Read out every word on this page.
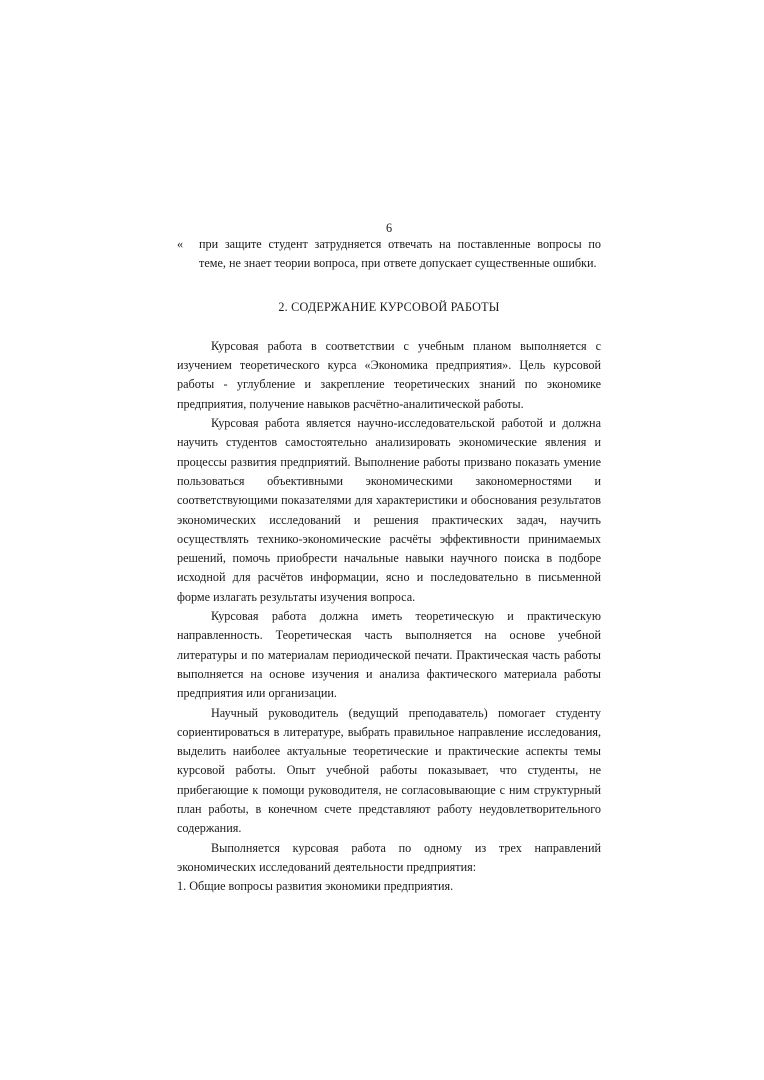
6
« при защите студент затрудняется отвечать на поставленные вопросы по теме, не знает теории вопроса, при ответе допускает существенные ошибки.
2. СОДЕРЖАНИЕ КУРСОВОЙ РАБОТЫ

Курсовая работа в соответствии с учебным планом выполняется с изучением теоретического курса «Экономика предприятия». Цель курсовой работы - углубление и закрепление теоретических знаний по экономике предприятия, получение навыков расчётно-аналитической работы.

Курсовая работа является научно-исследовательской работой и должна научить студентов самостоятельно анализировать экономические явления и процессы развития предприятий. Выполнение работы призвано показать умение пользоваться объективными экономическими закономерностями и соответствующими показателями для характеристики и обоснования результатов экономических исследований и решения практических задач, научить осуществлять технико-экономические расчёты эффективности принимаемых решений, помочь приобрести начальные навыки научного поиска в подборе исходной для расчётов информации, ясно и последовательно в письменной форме излагать результаты изучения вопроса.

Курсовая работа должна иметь теоретическую и практическую направленность. Теоретическая часть выполняется на основе учебной литературы и по материалам периодической печати. Практическая часть работы выполняется на основе изучения и анализа фактического материала работы предприятия или организации.

Научный руководитель (ведущий преподаватель) помогает студенту сориентироваться в литературе, выбрать правильное направление исследования, выделить наиболее актуальные теоретические и практические аспекты темы курсовой работы. Опыт учебной работы показывает, что студенты, не прибегающие к помощи руководителя, не согласовывающие с ним структурный план работы, в конечном счете представляют работу неудовлетворительного содержания.

Выполняется курсовая работа по одному из трех направлений экономических исследований деятельности предприятия:

1. Общие вопросы развития экономики предприятия.
